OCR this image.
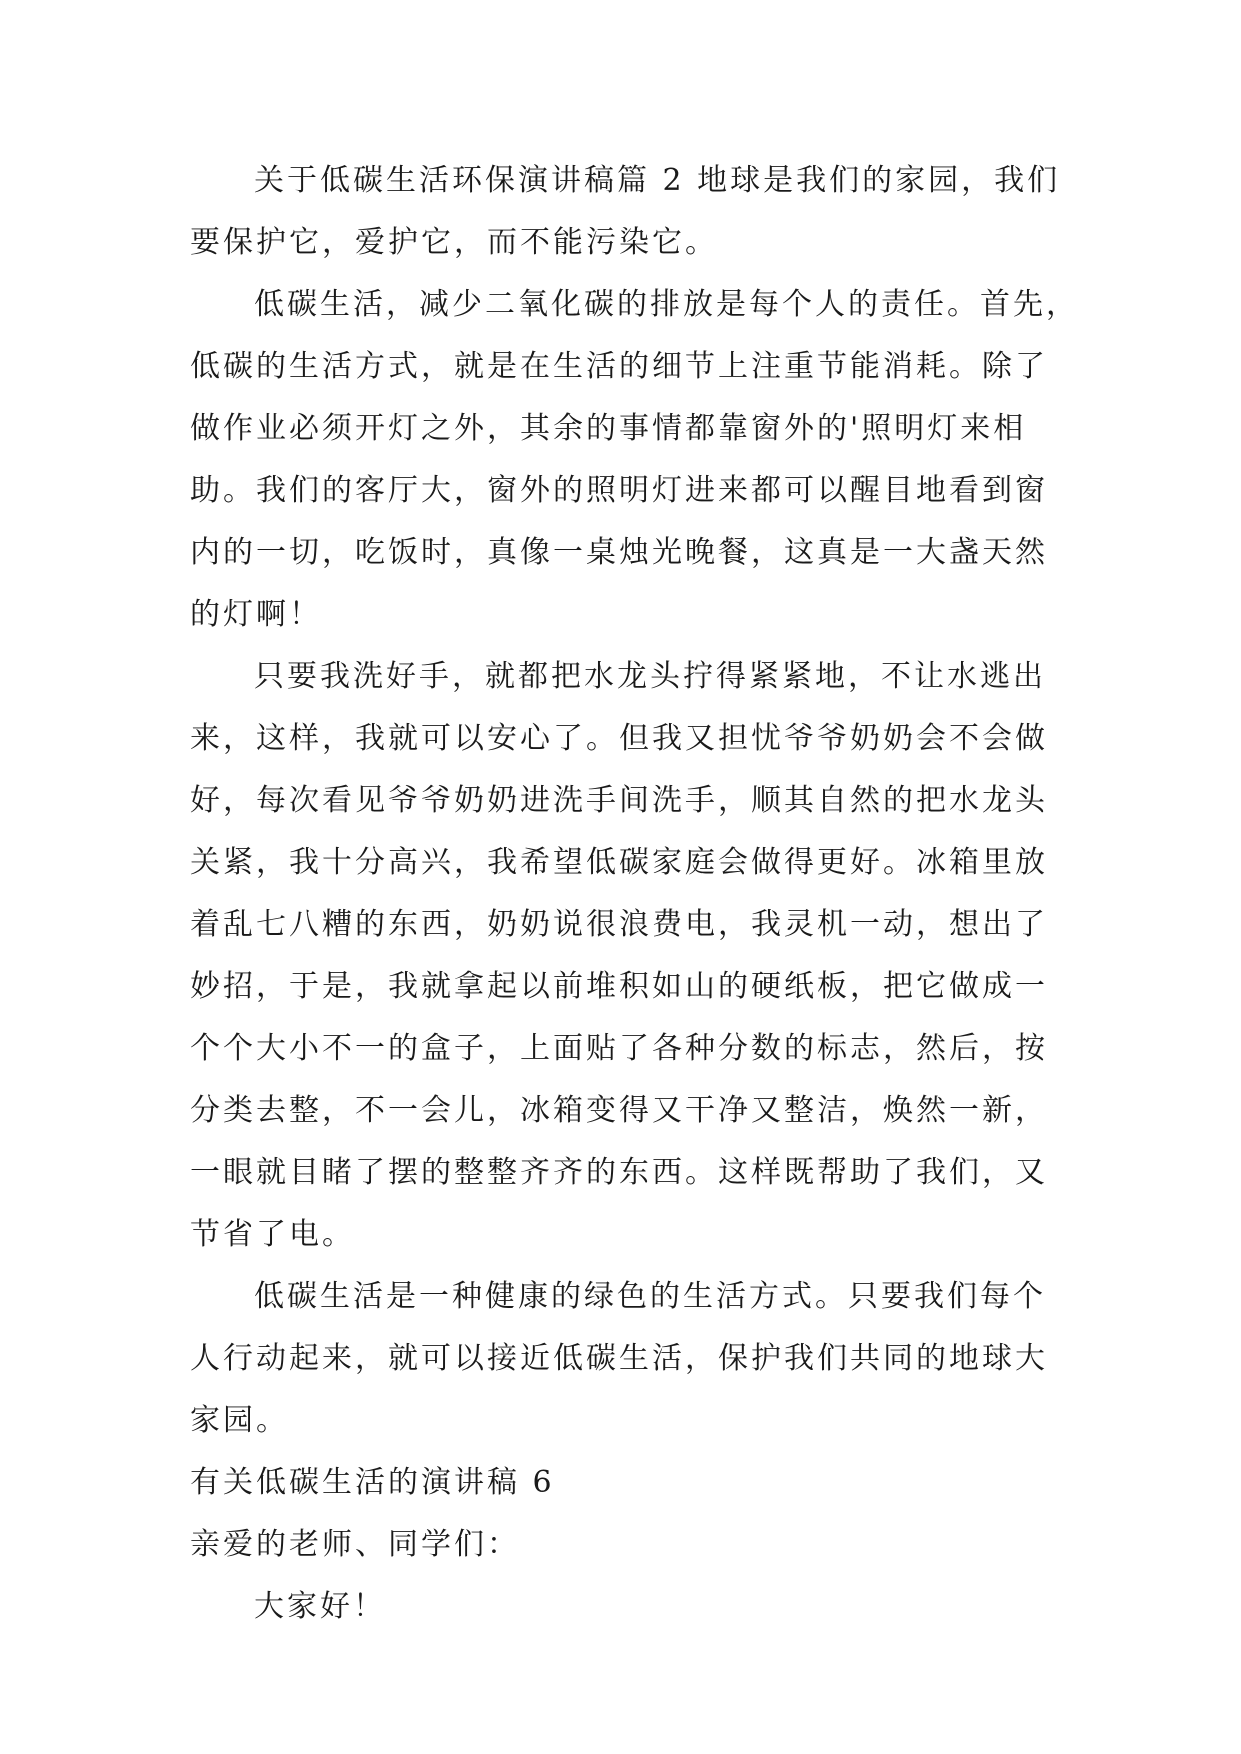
关于低碳生活环保演讲稿篇 2 地球是我们的家园，我们
要保护它，爱护它，而不能污染它。
低碳生活，减少二氧化碳的排放是每个人的责任。首先，
低碳的生活方式，就是在生活的细节上注重节能消耗。除了
做作业必须开灯之外，其余的事情都靠窗外的'照明灯来相
助。我们的客厅大，窗外的照明灯进来都可以醒目地看到窗
内的一切，吃饭时，真像一桌烛光晚餐，这真是一大盏天然
的灯啊！
只要我洗好手，就都把水龙头拧得紧紧地，不让水逃出
来，这样，我就可以安心了。但我又担忧爷爷奶奶会不会做
好，每次看见爷爷奶奶进洗手间洗手，顺其自然的把水龙头
关紧，我十分高兴，我希望低碳家庭会做得更好。冰箱里放
着乱七八糟的东西，奶奶说很浪费电，我灵机一动，想出了
妙招，于是，我就拿起以前堆积如山的硬纸板，把它做成一
个个大小不一的盒子，上面贴了各种分数的标志，然后，按
分类去整，不一会儿，冰箱变得又干净又整洁，焕然一新，
一眼就目睹了摆的整整齐齐的东西。这样既帮助了我们，又
节省了电。
低碳生活是一种健康的绿色的生活方式。只要我们每个
人行动起来，就可以接近低碳生活，保护我们共同的地球大
家园。
有关低碳生活的演讲稿 6
亲爱的老师、同学们：
大家好！
